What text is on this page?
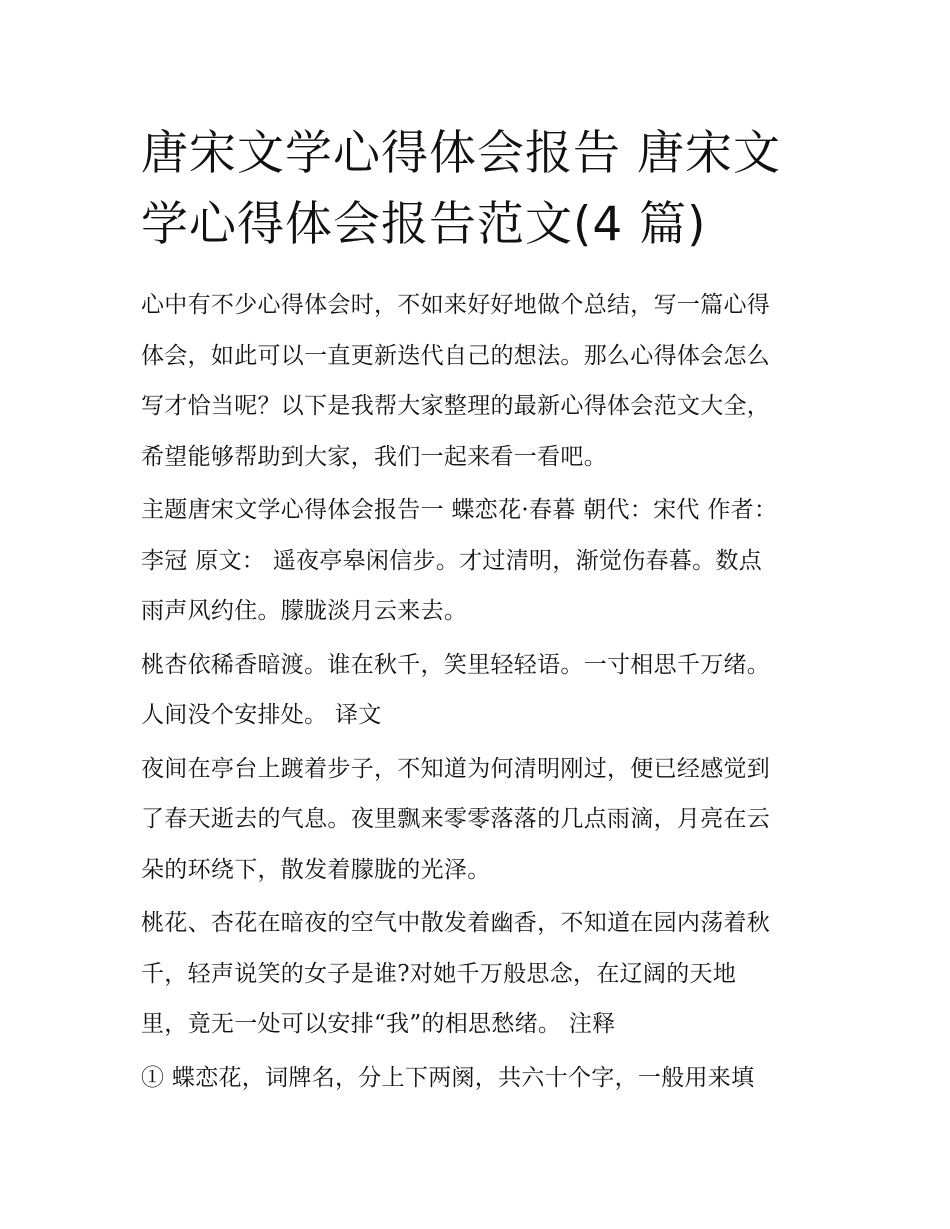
唐宋文学心得体会报告 唐宋文
学心得体会报告范文(4 篇)

心中有不少心得体会时，不如来好好地做个总结，写一篇心得
体会，如此可以一直更新迭代自己的想法。那么心得体会怎么
写才恰当呢？以下是我帮大家整理的最新心得体会范文大全，
希望能够帮助到大家，我们一起来看一看吧。

主题唐宋文学心得体会报告一 蝶恋花·春暮 朝代：宋代 作者：
李冠 原文： 遥夜亭皋闲信步。才过清明，渐觉伤春暮。数点
雨声风约住。朦胧淡月云来去。

桃杏依稀香暗渡。谁在秋千，笑里轻轻语。一寸相思千万绪。
人间没个安排处。 译文

夜间在亭台上踱着步子，不知道为何清明刚过，便已经感觉到
了春天逝去的气息。夜里飘来零零落落的几点雨滴，月亮在云
朵的环绕下，散发着朦胧的光泽。

桃花、杏花在暗夜的空气中散发着幽香，不知道在园内荡着秋
千，轻声说笑的女子是谁?对她千万般思念，在辽阔的天地
里，竟无一处可以安排“我”的相思愁绪。 注释

① 蝶恋花，词牌名，分上下两阕，共六十个字，一般用来填
